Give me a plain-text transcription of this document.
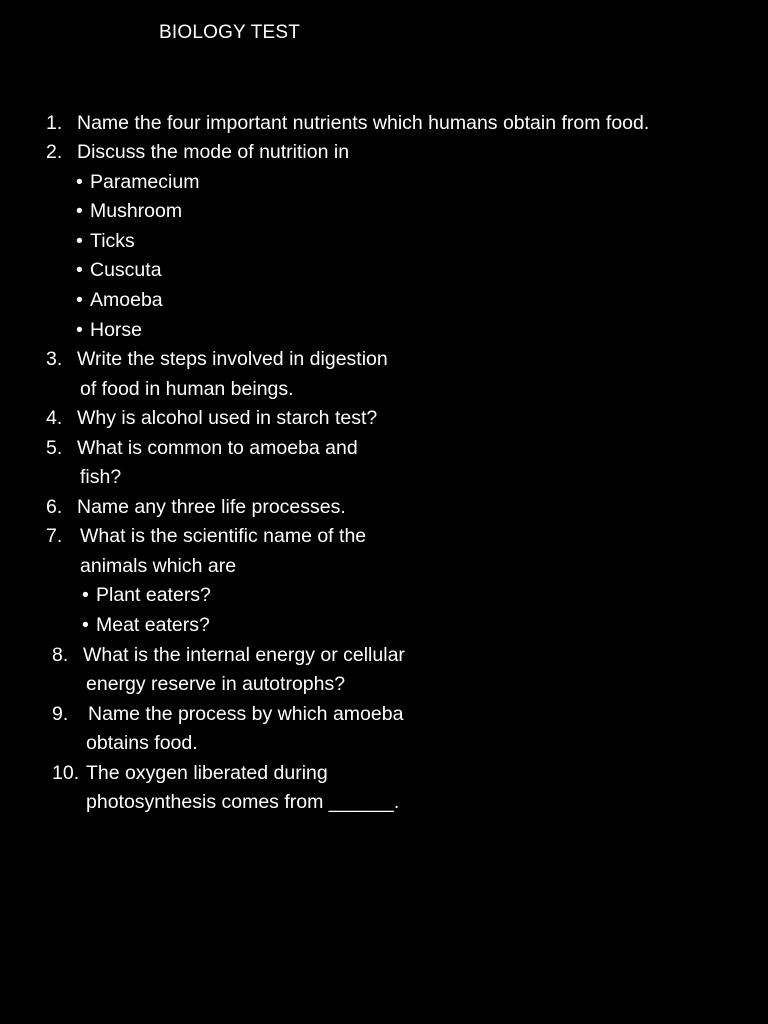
BIOLOGY TEST
1. Name the four important nutrients which humans obtain from food.
2. Discuss the mode of nutrition in
• Paramecium
• Mushroom
• Ticks
• Cuscuta
• Amoeba
• Horse
3. Write the steps involved in digestion
of food in human beings.
4. Why is alcohol used in starch test?
5. What is common to amoeba and
fish?
6. Name any three life processes.
7. What is the scientific name of the
animals which are
• Plant eaters?
• Meat eaters?
8. What is the internal energy or cellular
energy reserve in autotrophs?
9. Name the process by which amoeba
obtains food.
10. The oxygen liberated during
photosynthesis comes from ______.
